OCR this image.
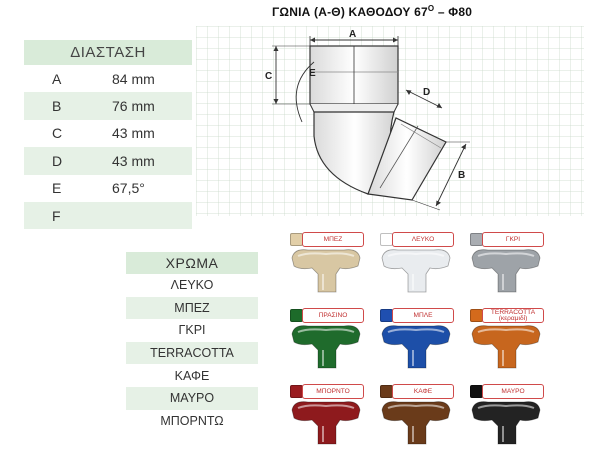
ΓΩΝΙΑ (Α-Θ) ΚΑΘΟΔΟΥ $67^O - \Phi 80$
ΔΙΑΣΤΑΣΗ
A	84 mm
B	76 mm
C	43 mm
D	43 mm
E	67,5°
F
A
C	E
D
B
ΧΡΩΜΑ
ΛΕΥΚΟ
ΜΠΕΖ
ΓΚΡΙ
TERRACOTTA
ΚΑΦΕ
ΜΑΥΡΟ
ΜΠΟΡΝΤΩ
ΜΠΕΖ	ΛΕΥΚΟ	ΓΚΡΙ
ΠΡΑΣΙΝΟ	ΜΠΛΕ	TERRACOTTA (κεραμιδί)
ΜΠΟΡΝΤΟ	ΚΑΦΕ	ΜΑΥΡΟ
